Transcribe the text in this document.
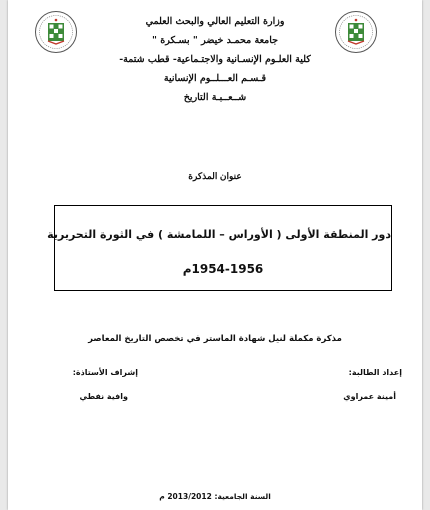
وزارة التعليم العالي والبحث العلمي
جامعة محمـد خيضر " بسـكرة "
كلية العلـوم الإنسـانية والاجتـماعية- قطب شتمة-
قـسـم العـــلــوم الإنسانية
شــعــبـة التاريخ
عنوان المذكرة
دور المنطقة الأولى ( الأوراس – اللمامشة ) في الثورة التحريرية
1954-1956م
مذكرة مكملة لنيل شهادة الماستر في تخصص التاريخ المعاصر
إعداد الطالبة:
أمينة عمراوي
إشراف الأستاذة:
وافية نفطي
السنة الجامعية: 2013/2012 م
